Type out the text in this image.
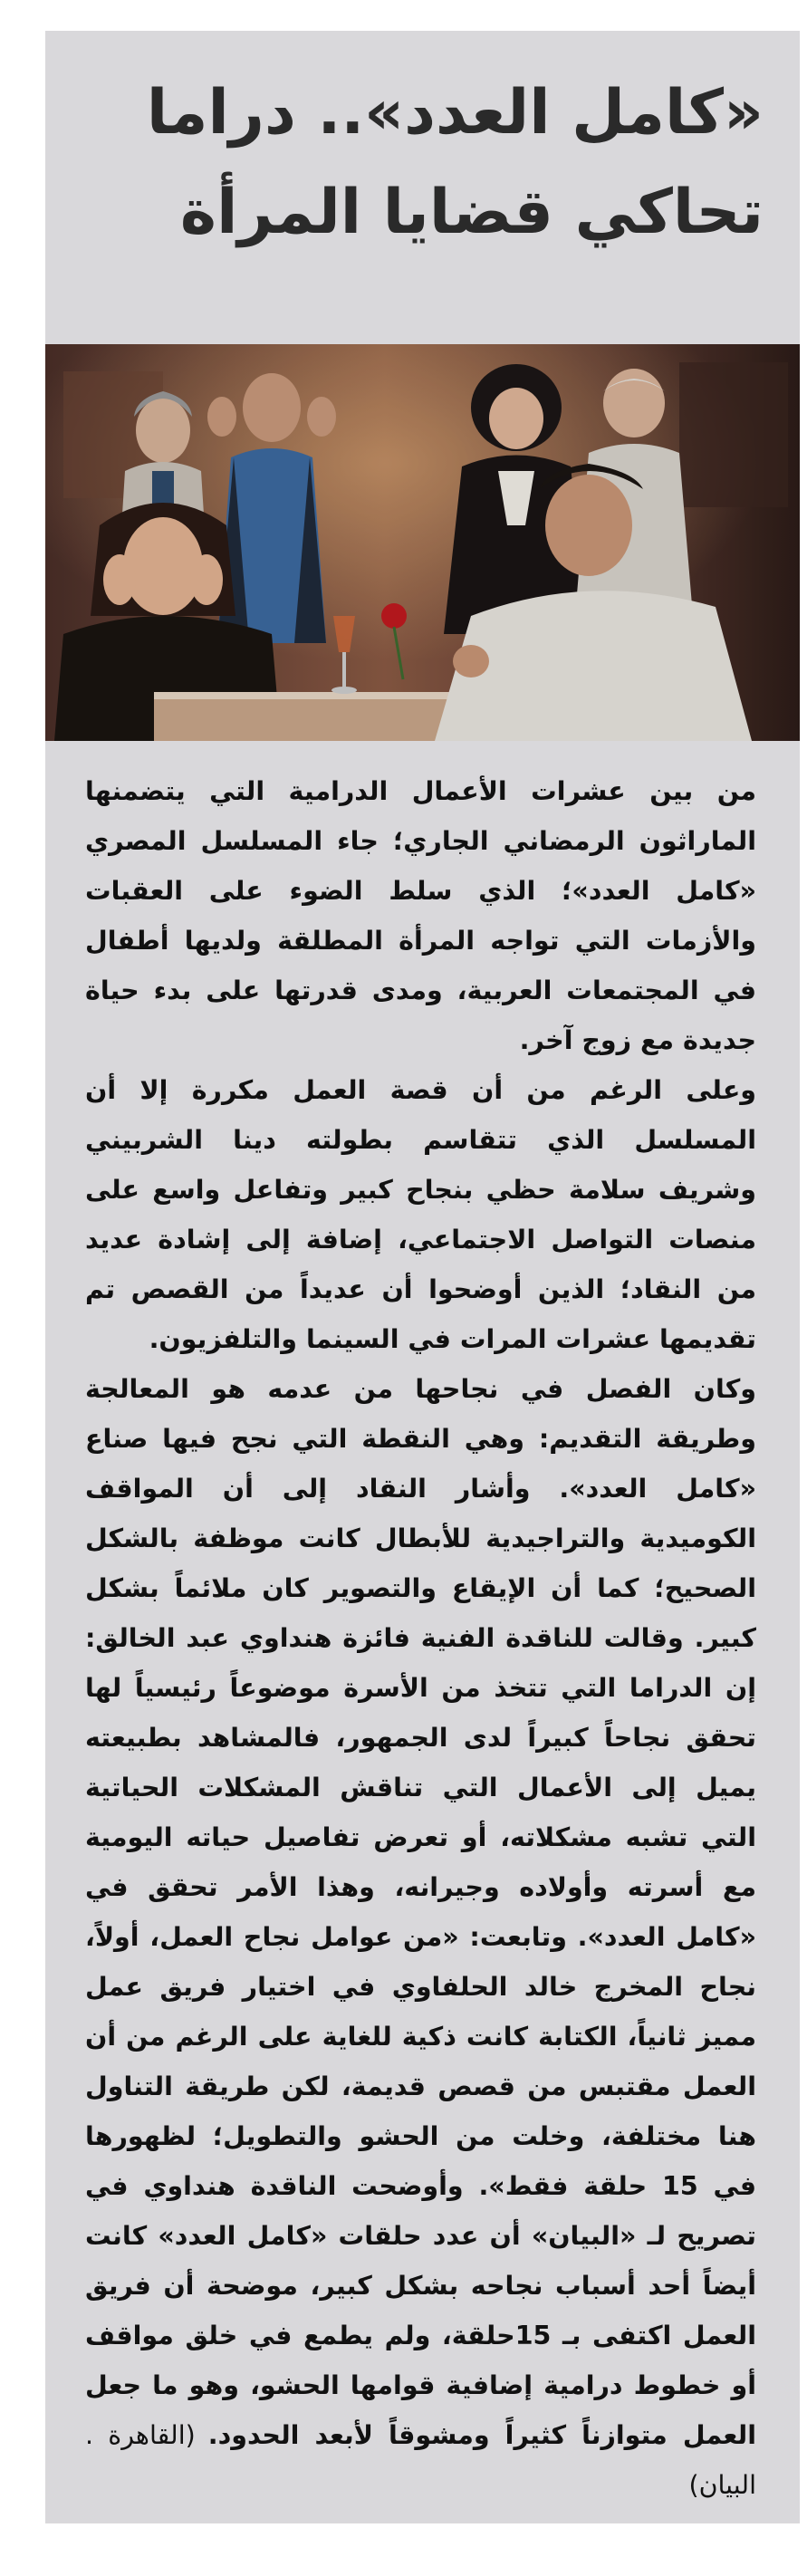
«كامل العدد».. دراما تحاكي قضايا المرأة

من بين عشرات الأعمال الدرامية التي يتضمنها الماراثون الرمضاني الجاري؛ جاء المسلسل المصري «كامل العدد»؛ الذي سلط الضوء على العقبات والأزمات التي تواجه المرأة المطلقة ولديها أطفال في المجتمعات العربية، ومدى قدرتها على بدء حياة جديدة مع زوج آخر.

وعلى الرغم من أن قصة العمل مكررة إلا أن المسلسل الذي تتقاسم بطولته دينا الشربيني وشريف سلامة حظي بنجاح كبير وتفاعل واسع على منصات التواصل الاجتماعي، إضافة إلى إشادة عديد من النقاد؛ الذين أوضحوا أن عديداً من القصص تم تقديمها عشرات المرات في السينما والتلفزيون.

وكان الفصل في نجاحها من عدمه هو المعالجة وطريقة التقديم: وهي النقطة التي نجح فيها صناع «كامل العدد». وأشار النقاد إلى أن المواقف الكوميدية والتراجيدية للأبطال كانت موظفة بالشكل الصحيح؛ كما أن الإيقاع والتصوير كان ملائماً بشكل كبير. وقالت للناقدة الفنية فائزة هنداوي عبد الخالق: إن الدراما التي تتخذ من الأسرة موضوعاً رئيسياً لها تحقق نجاحاً كبيراً لدى الجمهور، فالمشاهد بطبيعته يميل إلى الأعمال التي تناقش المشكلات الحياتية التي تشبه مشكلاته، أو تعرض تفاصيل حياته اليومية مع أسرته وأولاده وجيرانه، وهذا الأمر تحقق في «كامل العدد». وتابعت: «من عوامل نجاح العمل، أولاً، نجاح المخرج خالد الحلفاوي في اختيار فريق عمل مميز ثانياً، الكتابة كانت ذكية للغاية على الرغم من أن العمل مقتبس من قصص قديمة، لكن طريقة التناول هنا مختلفة، وخلت من الحشو والتطويل؛ لظهورها في 15 حلقة فقط». وأوضحت الناقدة هنداوي في تصريح لـ «البيان» أن عدد حلقات «كامل العدد» كانت أيضاً أحد أسباب نجاحه بشكل كبير، موضحة أن فريق العمل اكتفى بـ 15حلقة، ولم يطمع في خلق مواقف أو خطوط درامية إضافية قوامها الحشو، وهو ما جعل العمل متوازناً كثيراً ومشوقاً لأبعد الحدود.(القاهرة . البيان)
